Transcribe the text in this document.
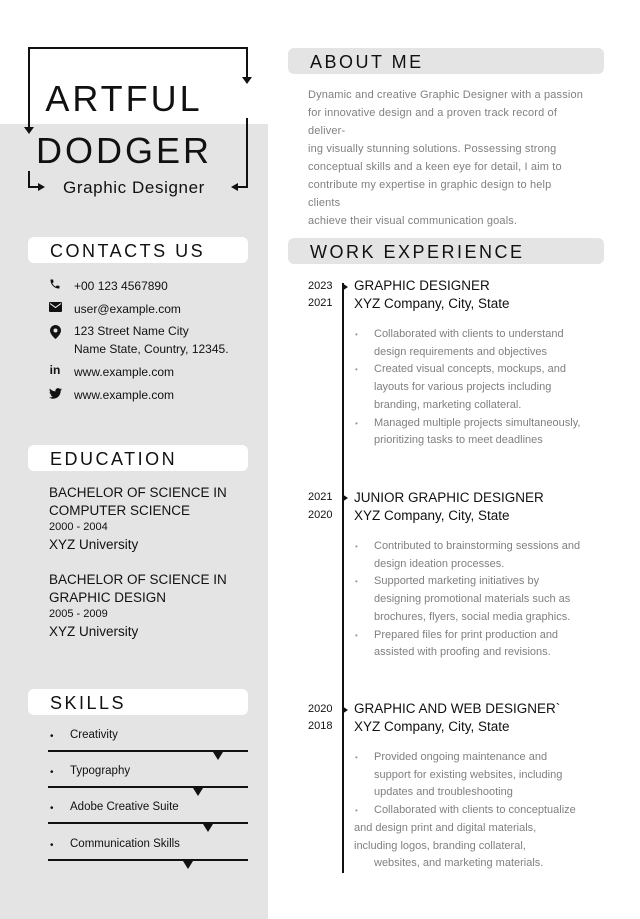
ARTFUL
DODGER
Graphic Designer
CONTACTS US
+00 123 4567890
user@example.com
123 Street Name City
Name State, Country, 12345.
in www.example.com
www.example.com
EDUCATION
BACHELOR OF SCIENCE IN
COMPUTER SCIENCE
2000 - 2004
XYZ University
BACHELOR OF SCIENCE IN
GRAPHIC DESIGN
2005 - 2009
XYZ University
SKILLS
• Creativity
• Typography
• Adobe Creative Suite
• Communication Skills
ABOUT ME
Dynamic and creative Graphic Designer with a passion
for innovative design and a proven track record of deliver-
ing visually stunning solutions. Possessing strong
conceptual skills and a keen eye for detail, I aim to
contribute my expertise in graphic design to help clients
achieve their visual communication goals.
WORK EXPERIENCE
2023
2021
GRAPHIC DESIGNER
XYZ Company, City, State
• Collaborated with clients to understand
design requirements and objectives
• Created visual concepts, mockups, and
layouts for various projects including
branding, marketing collateral.
• Managed multiple projects simultaneously,
prioritizing tasks to meet deadlines
2021
2020
JUNIOR GRAPHIC DESIGNER
XYZ Company, City, State
• Contributed to brainstorming sessions and
design ideation processes.
• Supported marketing initiatives by
designing promotional materials such as
brochures, flyers, social media graphics.
• Prepared files for print production and
assisted with proofing and revisions.
2020
2018
GRAPHIC AND WEB DESIGNER`
XYZ Company, City, State
• Provided ongoing maintenance and
support for existing websites, including
updates and troubleshooting
• Collaborated with clients to conceptualize
and design print and digital materials,
including logos, branding collateral,
websites, and marketing materials.
